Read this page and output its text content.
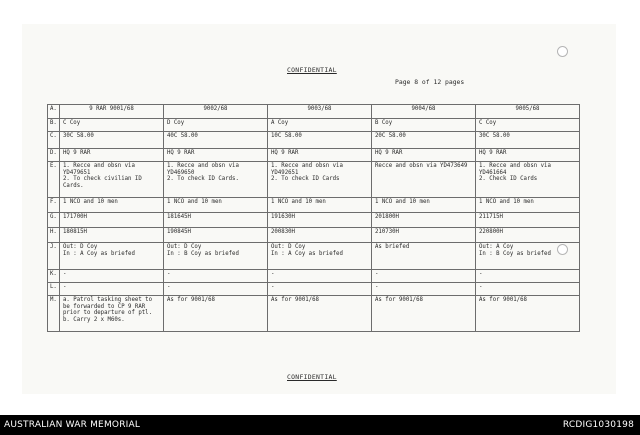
CONFIDENTIAL
Page 8 of 12 pages
A.	9 RAR 9001/68	9002/68	9003/68	9004/68	9005/68
B.	C Coy	D Coy	A Coy	B Coy	C Coy
C.	30C 58.00	40C 58.00	10C 58.00	20C 58.00	30C 58.00
D.	HQ 9 RAR	HQ 9 RAR	HQ 9 RAR	HQ 9 RAR	HQ 9 RAR
E.	1. Recce and obsn via YD479651
2. To check civilian ID Cards.	1. Recce and obsn via YD469650
2. To check ID Cards.	1. Recce and obsn via YD492651
2. To check ID Cards	Recce and obsn via YD473649	1. Recce and obsn via YD461664
2. Check ID Cards
F.	1 NCO and 10 men	1 NCO and 10 men	1 NCO and 10 men	1 NCO and 10 men	1 NCO and 10 men
G.	171700H	181645H	191630H	201800H	211715H
H.	180815H	190845H	200830H	210730H	220800H
J.	Out: D Coy
In : A Coy as briefed	Out: D Coy
In : B Coy as briefed	Out: D Coy
In : A Coy as briefed	As briefed	Out: A Coy
In : B Coy as briefed
K.	-	-	-	-	-
L.	-	-	-	-	-
M.	a. Patrol tasking sheet to be forwarded to CP 9 RAR prior to departure of ptl.
b. Carry 2 x M60s.	As for 9001/68	As for 9001/68	As for 9001/68	As for 9001/68
CONFIDENTIAL
AUSTRALIAN WAR MEMORIAL	RCDIG1030198
